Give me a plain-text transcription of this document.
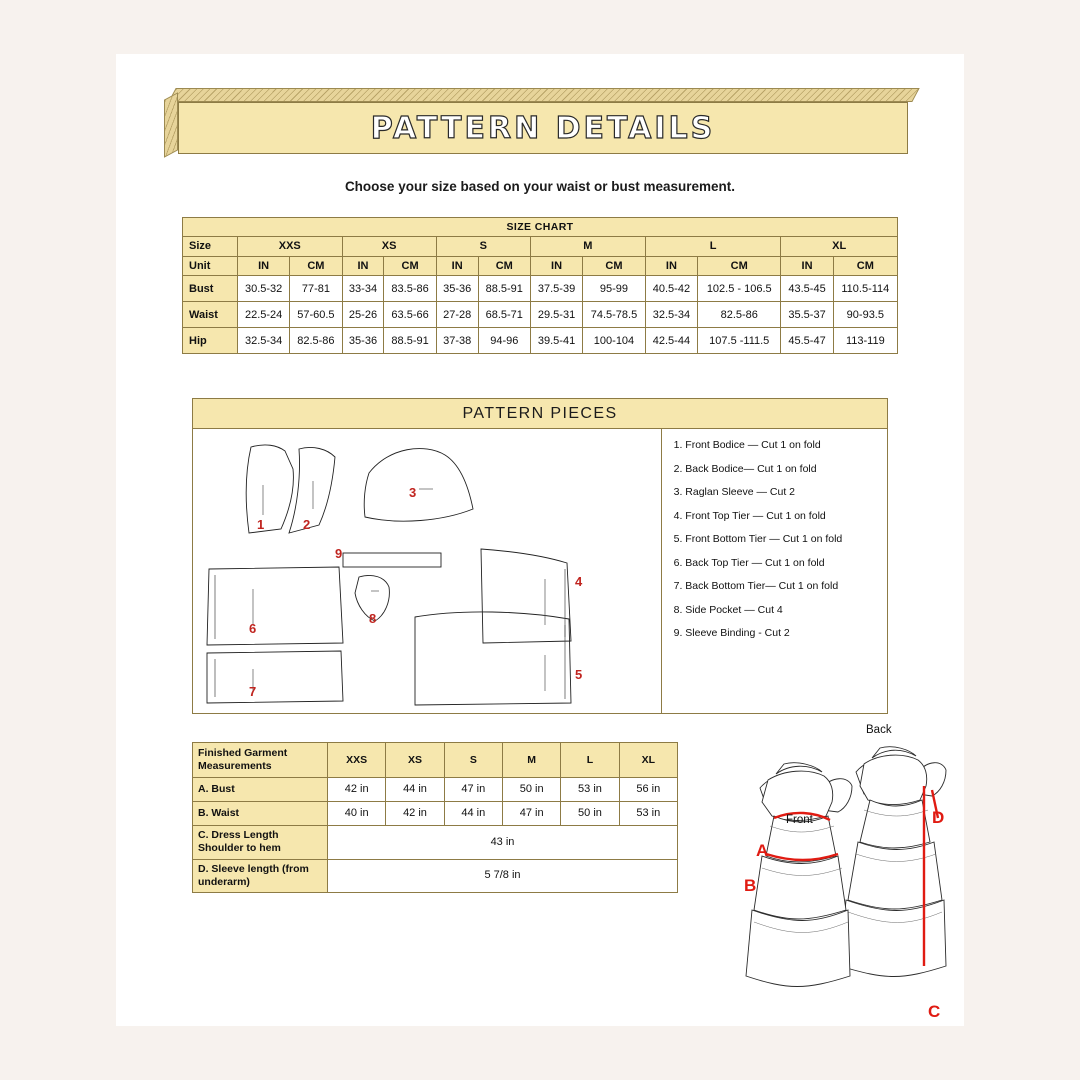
PATTERN DETAILS
Choose your size based on your waist or bust measurement.
SIZE CHART												
Size	XXS		XS		S		M		L		XL	
Unit	IN	CM	IN	CM	IN	CM	IN	CM	IN	CM	IN	CM
Bust	30.5-32	77-81	33-34	83.5-86	35-36	88.5-91	37.5-39	95-99	40.5-42	102.5 - 106.5	43.5-45	110.5-114
Waist	22.5-24	57-60.5	25-26	63.5-66	27-28	68.5-71	29.5-31	74.5-78.5	32.5-34	82.5-86	35.5-37	90-93.5
Hip	32.5-34	82.5-86	35-36	88.5-91	37-38	94-96	39.5-41	100-104	42.5-44	107.5 -111.5	45.5-47	113-119
PATTERN PIECES
1	2
3
4
5
6
7
8
9
1. Front Bodice — Cut 1 on fold
2. Back Bodice— Cut 1 on fold
3. Raglan Sleeve — Cut 2
4. Front Top Tier — Cut 1 on fold
5. Front Bottom Tier — Cut 1 on fold
6. Back Top Tier — Cut 1 on fold
7. Back Bottom Tier— Cut 1 on fold
8. Side Pocket — Cut 4
9. Sleeve Binding - Cut 2
Finished Garment Measurements	XXS	XS	S	M	L	XL
A. Bust	42 in	44 in	47 in	50 in	53 in	56 in
B. Waist	40 in	42 in	44 in	47 in	50 in	53 in
C. Dress Length Shoulder to hem	43 in					
D. Sleeve length (from underarm)	5 7/8 in					
Front
Back
A
B
C
D
